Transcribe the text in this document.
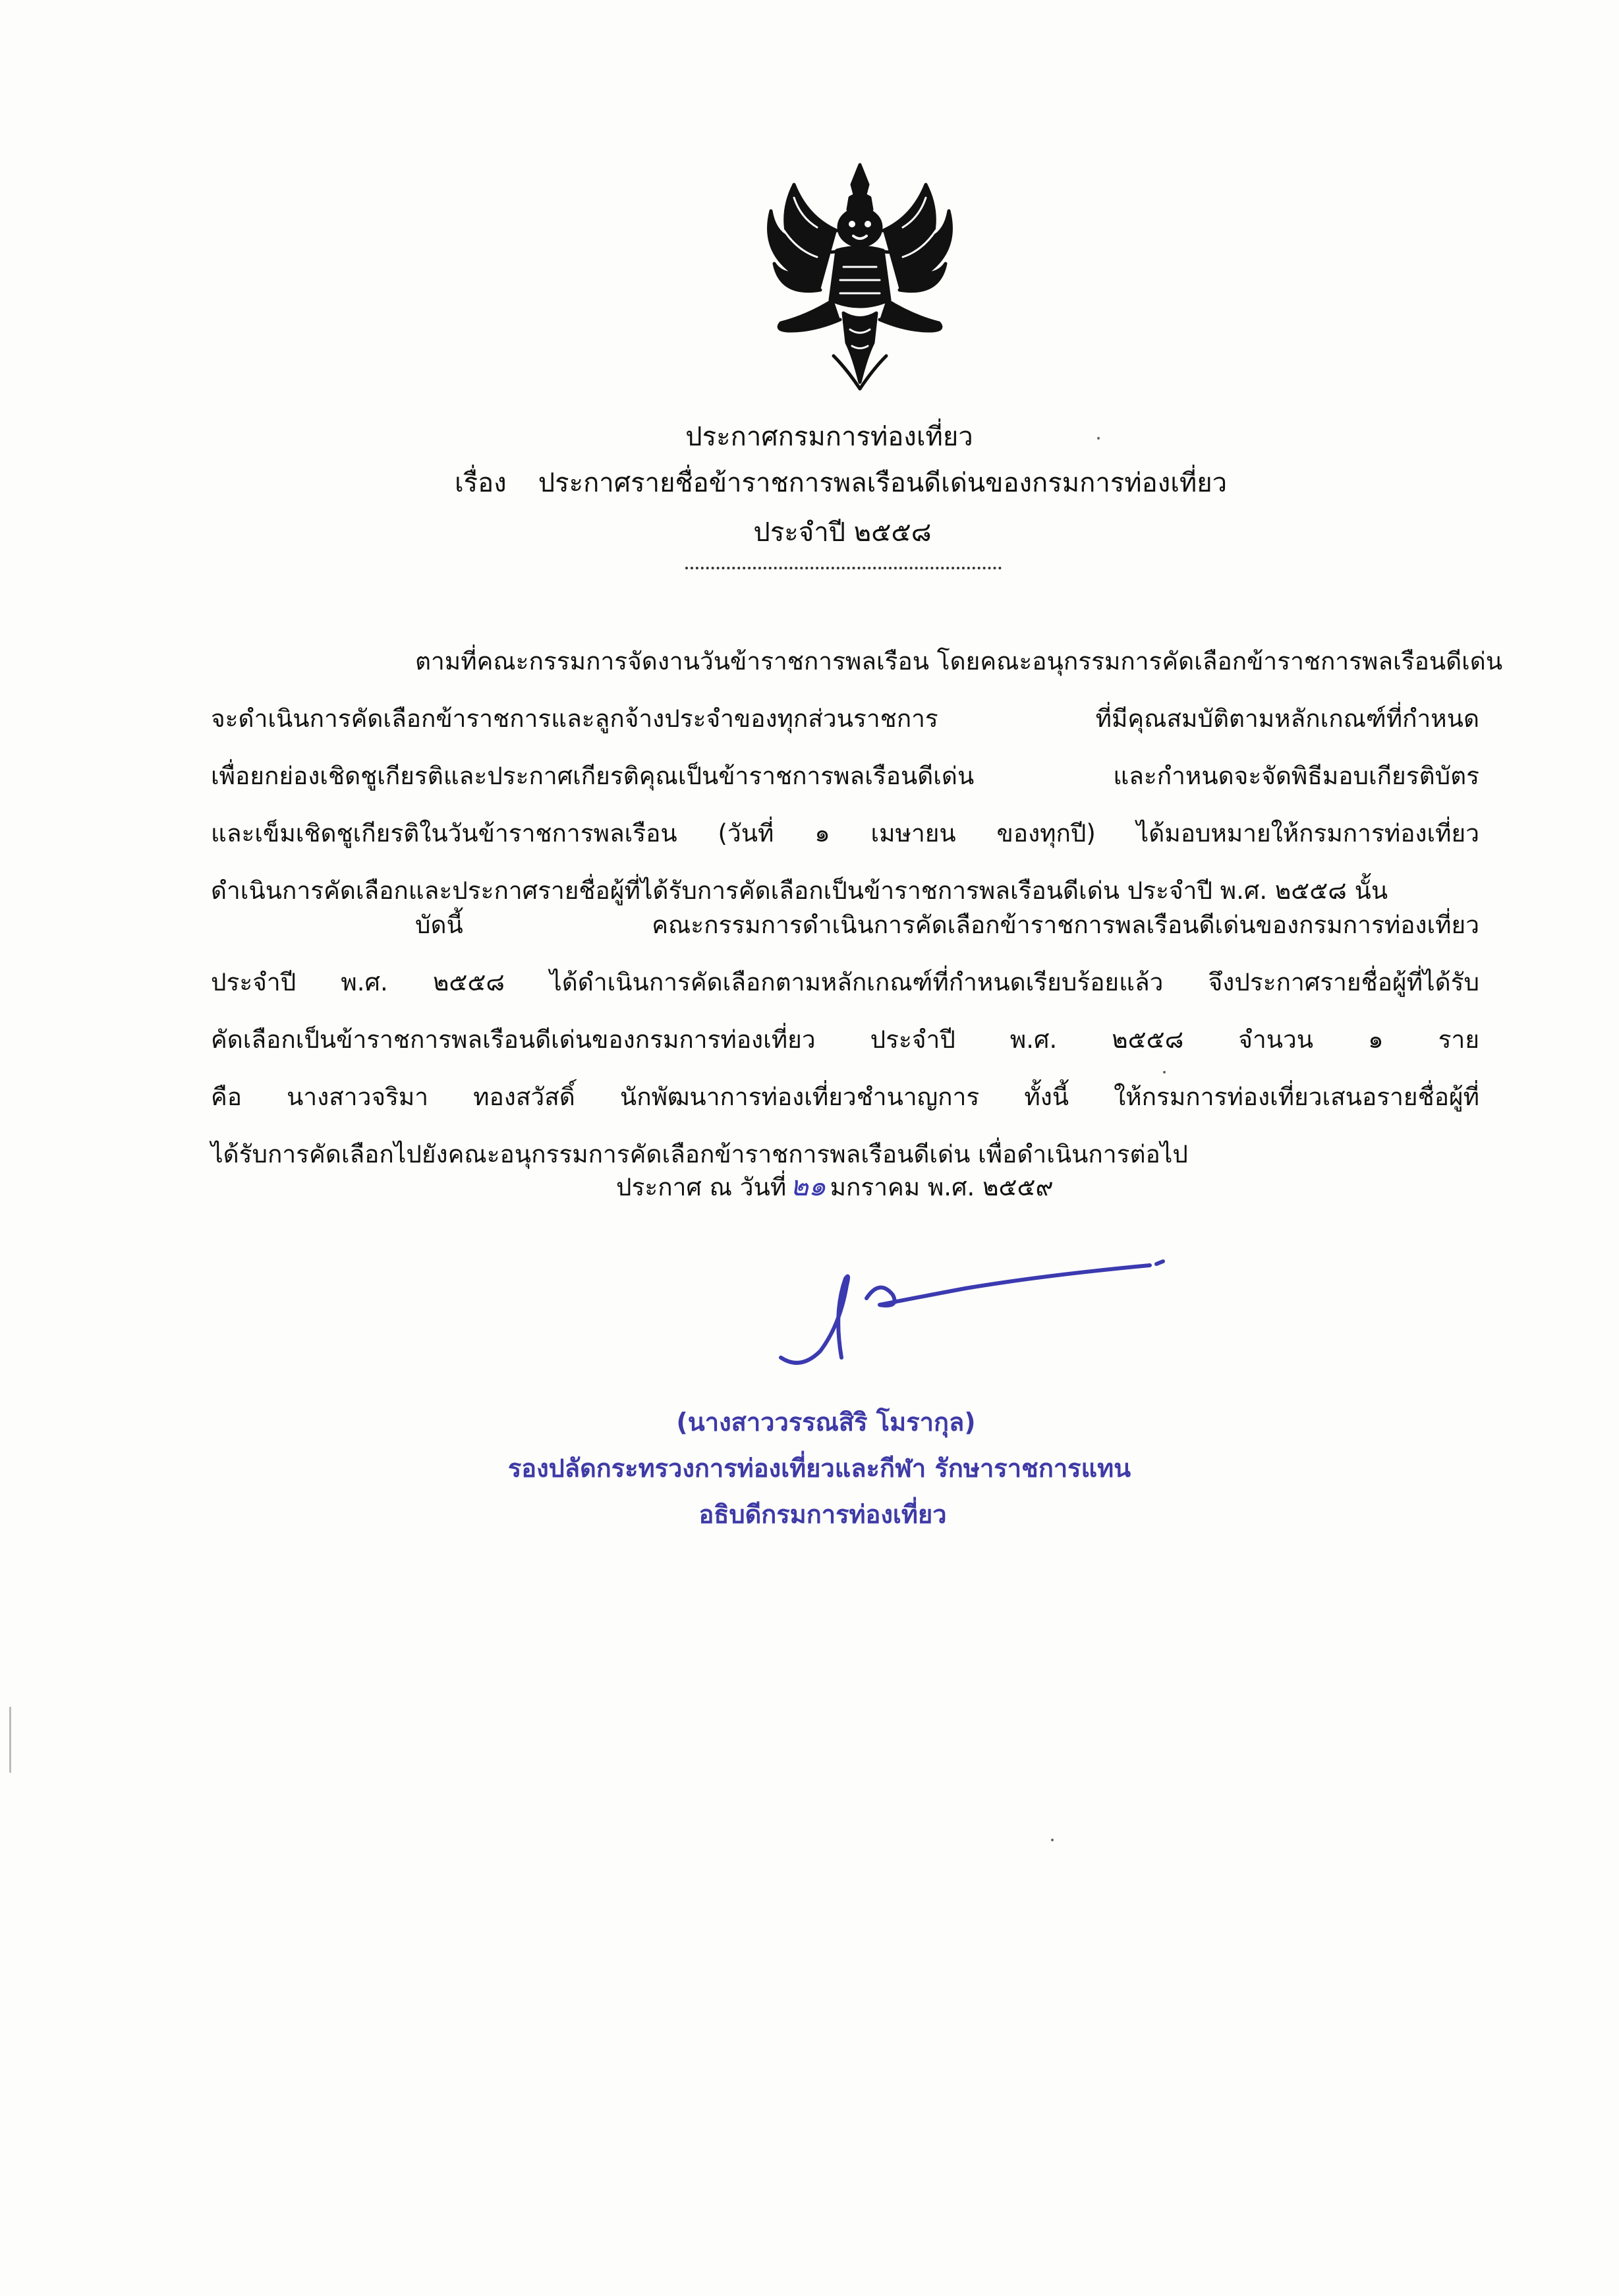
ประกาศกรมการท่องเที่ยว
เรื่อง ประกาศรายชื่อข้าราชการพลเรือนดีเด่นของกรมการท่องเที่ยว
ประจำปี ๒๕๕๘
ตามที่คณะกรรมการจัดงานวันข้าราชการพลเรือน โดยคณะอนุกรรมการคัดเลือกข้าราชการพลเรือนดีเด่น
จะดำเนินการคัดเลือกข้าราชการและลูกจ้างประจำของทุกส่วนราชการ ที่มีคุณสมบัติตามหลักเกณฑ์ที่กำหนด
เพื่อยกย่องเชิดชูเกียรติและประกาศเกียรติคุณเป็นข้าราชการพลเรือนดีเด่น และกำหนดจะจัดพิธีมอบเกียรติบัตร
และเข็มเชิดชูเกียรติในวันข้าราชการพลเรือน (วันที่ ๑ เมษายน ของทุกปี) ได้มอบหมายให้กรมการท่องเที่ยว
ดำเนินการคัดเลือกและประกาศรายชื่อผู้ที่ได้รับการคัดเลือกเป็นข้าราชการพลเรือนดีเด่น ประจำปี พ.ศ. ๒๕๕๘ นั้น
บัดนี้ คณะกรรมการดำเนินการคัดเลือกข้าราชการพลเรือนดีเด่นของกรมการท่องเที่ยว
ประจำปี พ.ศ. ๒๕๕๘ ได้ดำเนินการคัดเลือกตามหลักเกณฑ์ที่กำหนดเรียบร้อยแล้ว จึงประกาศรายชื่อผู้ที่ได้รับ
คัดเลือกเป็นข้าราชการพลเรือนดีเด่นของกรมการท่องเที่ยว ประจำปี พ.ศ. ๒๕๕๘ จำนวน ๑ ราย
คือ นางสาวจริมา ทองสวัสดิ์ นักพัฒนาการท่องเที่ยวชำนาญการ ทั้งนี้ ให้กรมการท่องเที่ยวเสนอรายชื่อผู้ที่
ได้รับการคัดเลือกไปยังคณะอนุกรรมการคัดเลือกข้าราชการพลเรือนดีเด่น เพื่อดำเนินการต่อไป
ประกาศ ณ วันที่ ๒๑ มกราคม พ.ศ. ๒๕๕๙
(นางสาววรรณสิริ โมรากุล)
รองปลัดกระทรวงการท่องเที่ยวและกีฬา รักษาราชการแทน
อธิบดีกรมการท่องเที่ยว
